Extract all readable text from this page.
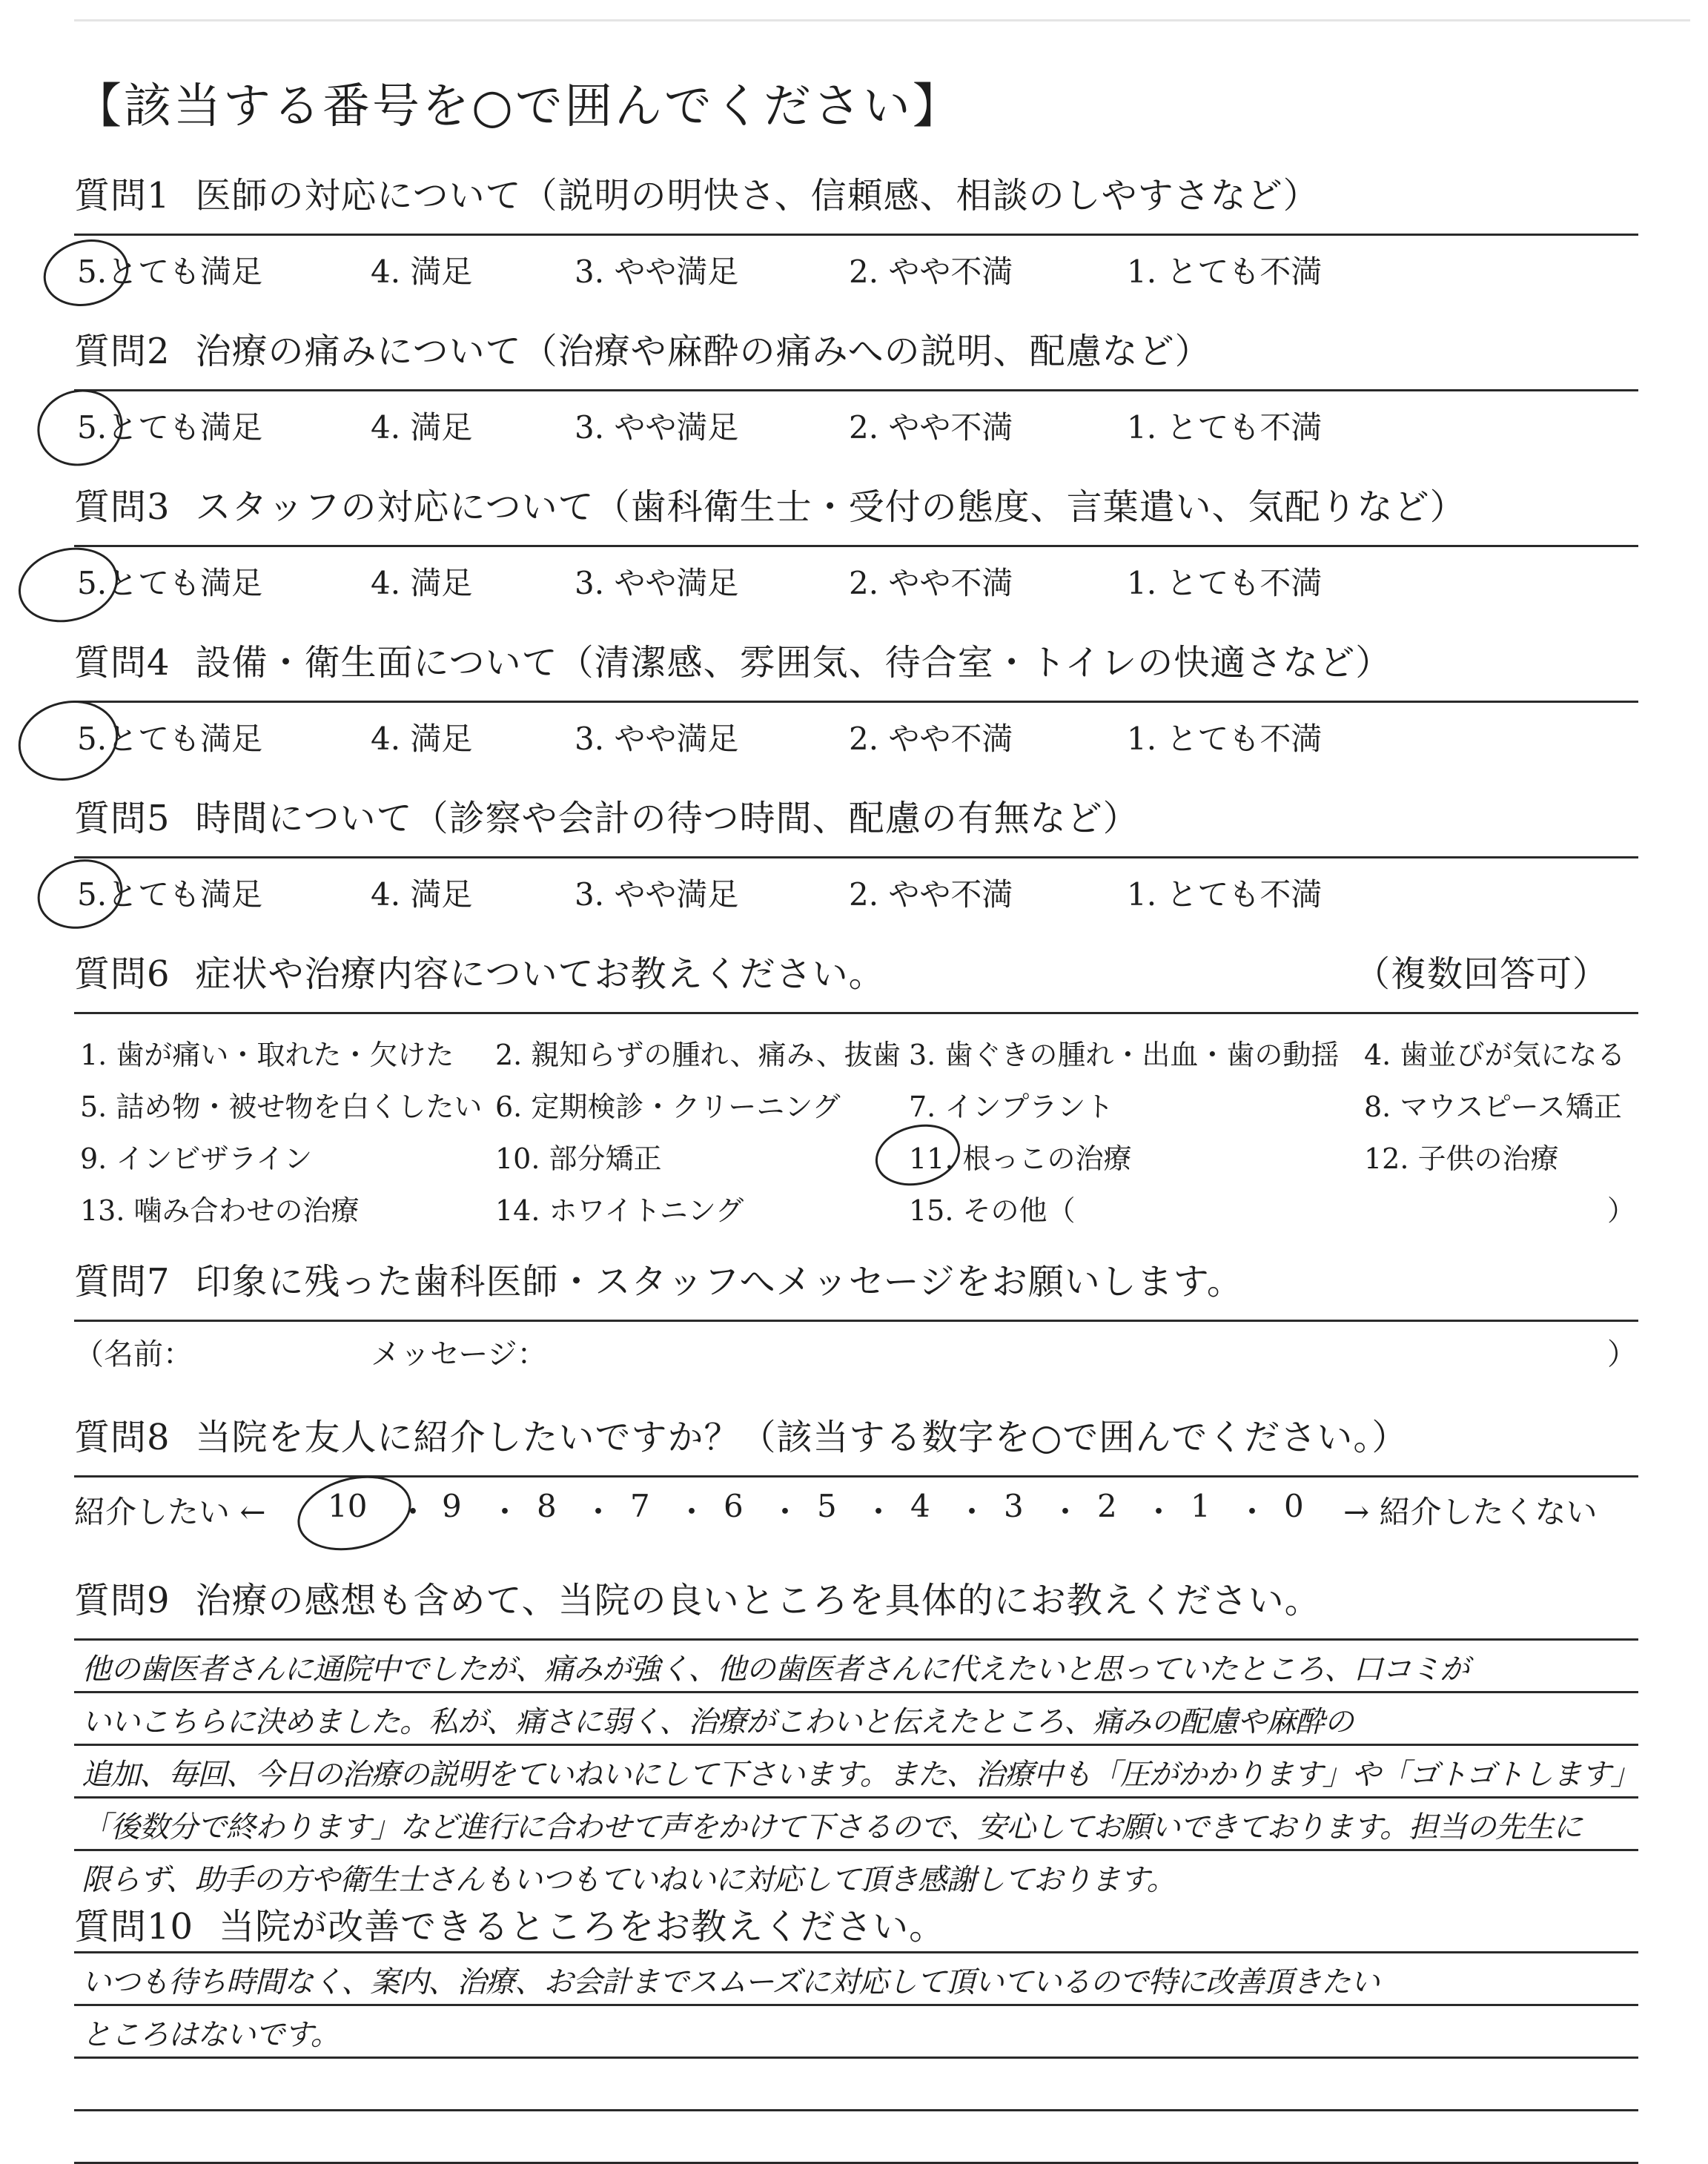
【該当する番号を○で囲んでください】
質問1 医師の対応について（説明の明快さ、信頼感、相談のしやすさなど）
5.とても満足	4. 満足	3. やや満足	2. やや不満	1. とても不満
質問2 治療の痛みについて（治療や麻酔の痛みへの説明、配慮など）
5.とても満足	4. 満足	3. やや満足	2. やや不満	1. とても不満
質問3 スタッフの対応について（歯科衛生士・受付の態度、言葉遣い、気配りなど）
5.とても満足	4. 満足	3. やや満足	2. やや不満	1. とても不満
質問4 設備・衛生面について（清潔感、雰囲気、待合室・トイレの快適さなど）
5.とても満足	4. 満足	3. やや満足	2. やや不満	1. とても不満
質問5 時間について（診察や会計の待つ時間、配慮の有無など）
5.とても満足	4. 満足	3. やや満足	2. やや不満	1. とても不満
質問6 症状や治療内容についてお教えください。	（複数回答可）
1. 歯が痛い・取れた・欠けた 2. 親知らずの腫れ、痛み、抜歯 3. 歯ぐきの腫れ・出血・歯の動揺 4. 歯並びが気になる
5. 詰め物・被せ物を白くしたい 6. 定期検診・クリーニング 7. インプラント	8. マウスピース矯正
9. インビザライン	10. 部分矯正	11. 根っこの治療	12. 子供の治療
13. 噛み合わせの治療	14. ホワイトニング	15. その他（	）
質問7 印象に残った歯科医師・スタッフへメッセージをお願いします。
（名前：	メッセージ：	）
質問8 当院を友人に紹介したいですか？（該当する数字を○で囲んでください。）
紹介したい ← 10 ・ 9 ・ 8 ・ 7 ・ 6 ・ 5 ・ 4 ・ 3 ・ 2 ・ 1 ・ 0 → 紹介したくない
質問9 治療の感想も含めて、当院の良いところを具体的にお教えください。
他の歯医者さんに通院中でしたが、痛みが強く、他の歯医者さんに代えたいと思っていたところ、口コミが
いいこちらに決めました。私が、痛さに弱く、治療がこわいと伝えたところ、痛みの配慮や麻酔の
追加、毎回、今日の治療の説明をていねいにして下さいます。また、治療中も「圧がかかります」や「ゴトゴトします」
「後数分で終わります」など進行に合わせて声をかけて下さるので、安心してお願いできております。担当の先生に
限らず、助手の方や衛生士さんもいつもていねいに対応して頂き感謝しております。
質問10 当院が改善できるところをお教えください。
いつも待ち時間なく、案内、治療、お会計までスムーズに対応して頂いているので特に改善頂きたい
ところはないです。
